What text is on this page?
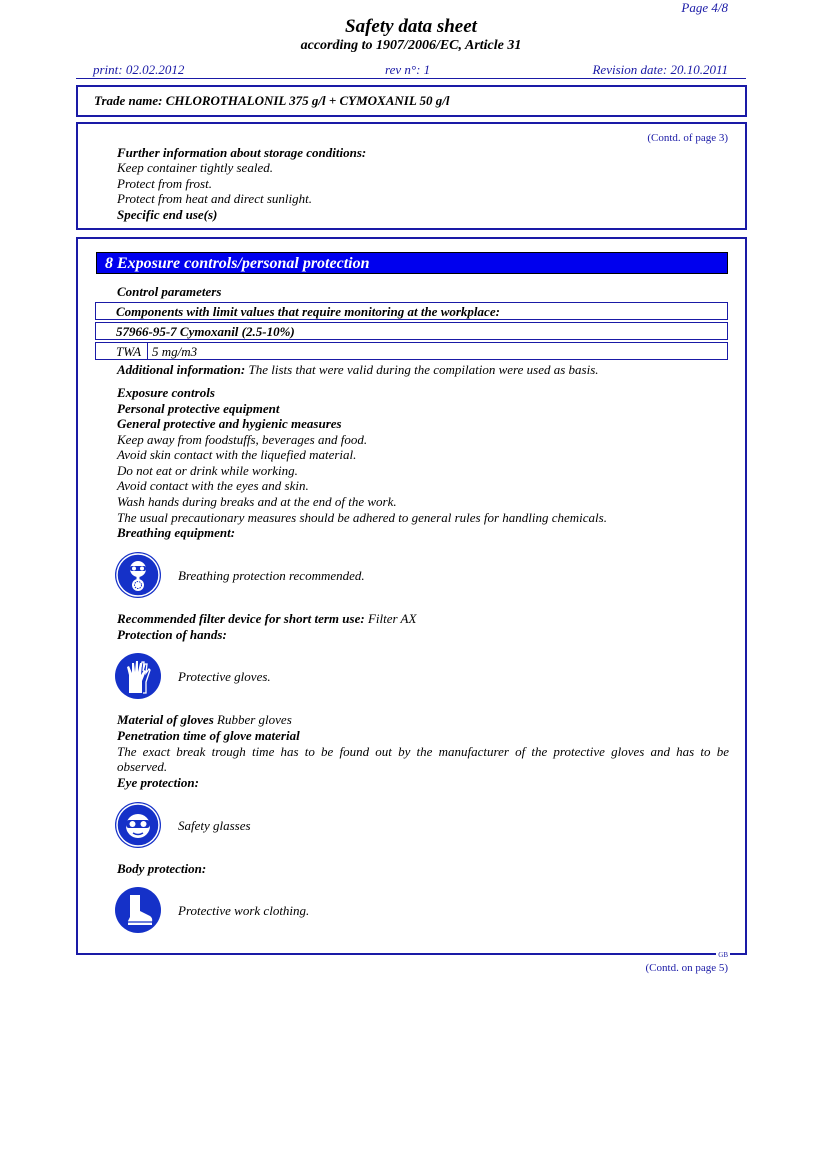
Page 4/8
Safety data sheet
according to 1907/2006/EC, Article 31
print: 02.02.2012	rev n°: 1	Revision date: 20.10.2011
Trade name: CHLOROTHALONIL 375 g/l + CYMOXANIL 50 g/l
(Contd. of page 3)
Further information about storage conditions:
Keep container tightly sealed.
Protect from frost.
Protect from heat and direct sunlight.
Specific end use(s)
8 Exposure controls/personal protection
Control parameters
Components with limit values that require monitoring at the workplace:
57966-95-7 Cymoxanil (2.5-10%)
TWA 5 mg/m3
Additional information: The lists that were valid during the compilation were used as basis.
Exposure controls
Personal protective equipment
General protective and hygienic measures
Keep away from foodstuffs, beverages and food.
Avoid skin contact with the liquefied material.
Do not eat or drink while working.
Avoid contact with the eyes and skin.
Wash hands during breaks and at the end of the work.
The usual precautionary measures should be adhered to general rules for handling chemicals.
Breathing equipment:
Breathing protection recommended.
Recommended filter device for short term use: Filter AX
Protection of hands:
Protective gloves.
Material of gloves Rubber gloves
Penetration time of glove material
The exact break trough time has to be found out by the manufacturer of the protective gloves and has to be
observed.
Eye protection:
Safety glasses
Body protection:
Protective work clothing.
GB
(Contd. on page 5)
